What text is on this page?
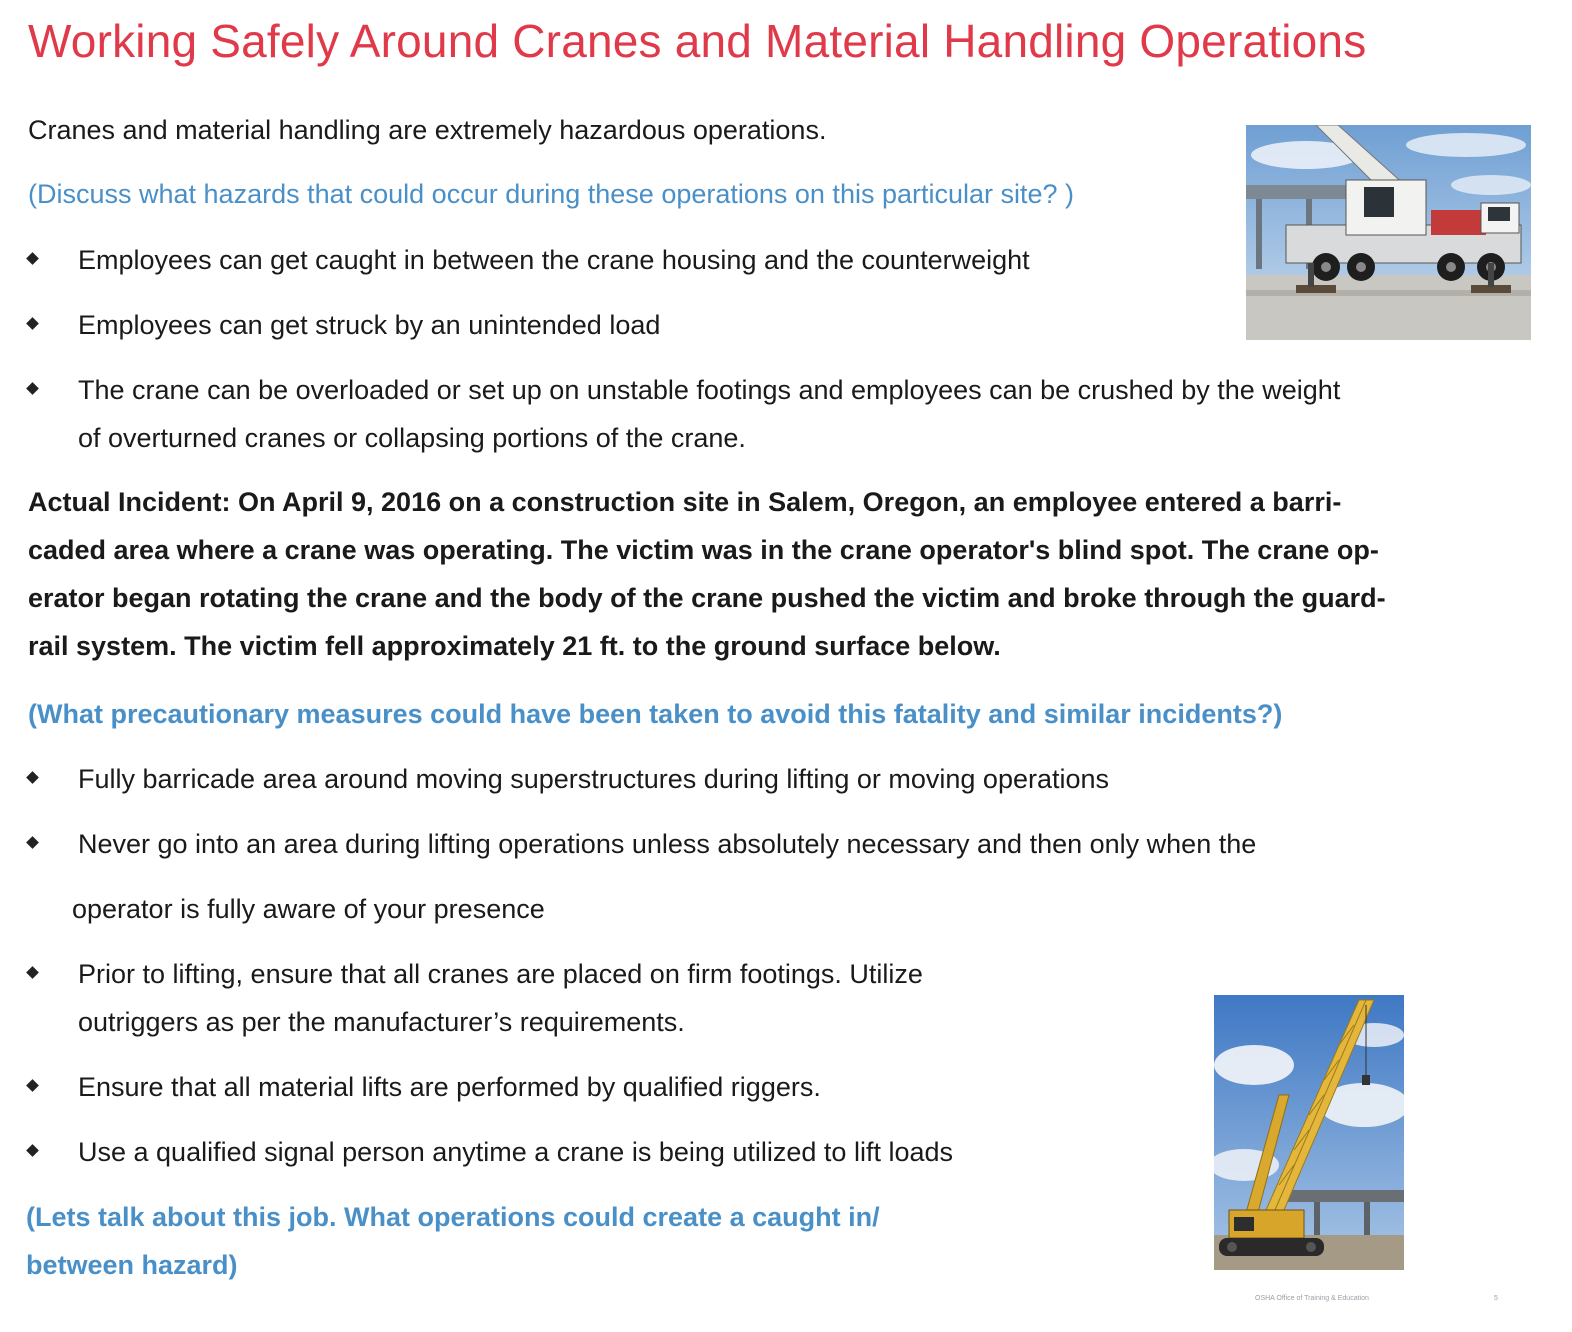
Working Safely Around Cranes and Material Handling Operations

Cranes and material handling are extremely hazardous operations.

(Discuss what hazards that could occur during these operations on this particular site? )

Employees can get caught in between the crane housing and the counterweight
Employees can get struck by an unintended load
The crane can be overloaded or set up on unstable footings and employees can be crushed by the weight

of overturned cranes or collapsing portions of the crane.

Actual Incident: On April 9, 2016 on a construction site in Salem, Oregon, an employee entered a barri-
caded area where a crane was operating. The victim was in the crane operator's blind spot. The crane op-
erator began rotating the crane and the body of the crane pushed the victim and broke through the guard-
rail system. The victim fell approximately 21 ft. to the ground surface below.

(What precautionary measures could have been taken to avoid this fatality and similar incidents?)

Fully barricade area around moving superstructures during lifting or moving operations
Never go into an area during lifting operations unless absolutely necessary and then only when the

operator is fully aware of your presence

Prior to lifting, ensure that all cranes are placed on firm footings. Utilize

outriggers as per the manufacturer’s requirements.

Ensure that all material lifts are performed by qualified riggers.
Use a qualified signal person anytime a crane is being utilized to lift loads

(Lets talk about this job. What operations could create a caught in/

between hazard)

OSHA Office of Training & Education	5
